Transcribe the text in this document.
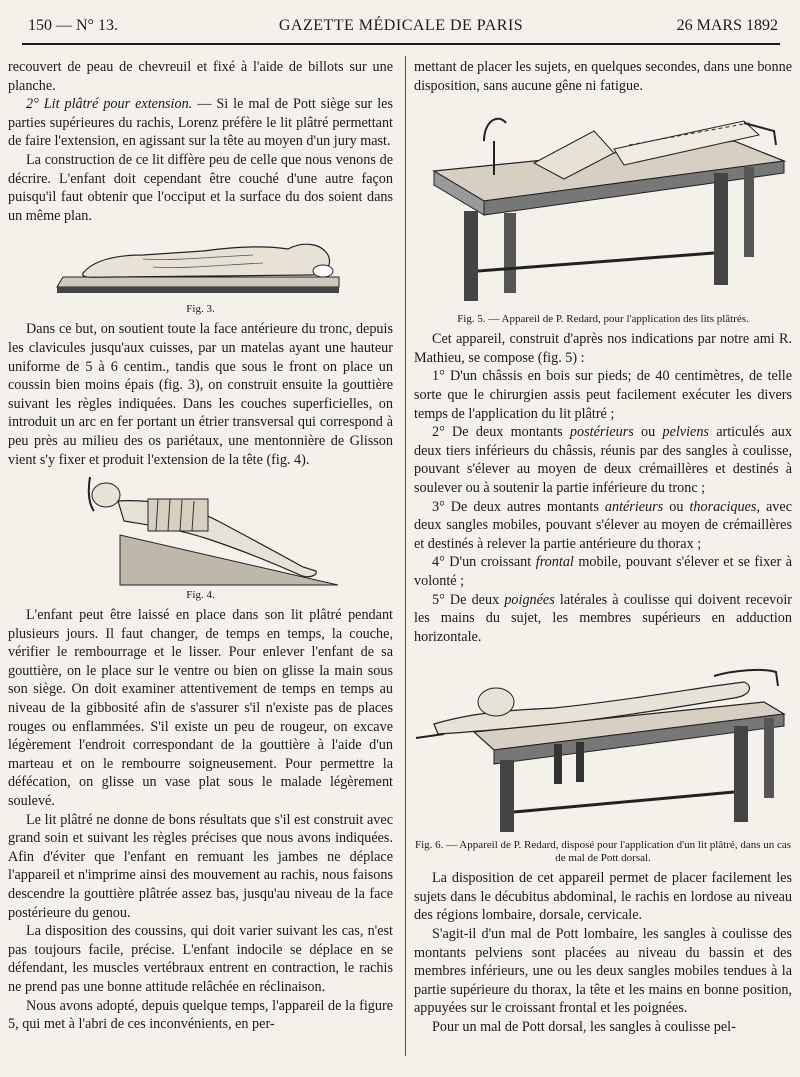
150 — N° 13.	GAZETTE MÉDICALE DE PARIS	26 MARS 1892

recouvert de peau de chevreuil et fixé à l'aide de billots sur une planche.

2° Lit plâtré pour extension. — Si le mal de Pott siège sur les parties supérieures du rachis, Lorenz préfère le lit plâtré permettant de faire l'extension, en agissant sur la tête au moyen d'un jury mast.

La construction de ce lit diffère peu de celle que nous venons de décrire. L'enfant doit cependant être couché d'une autre façon puisqu'il faut obtenir que l'occiput et la surface du dos soient dans un même plan.

Fig. 3.

Dans ce but, on soutient toute la face antérieure du tronc, depuis les clavicules jusqu'aux cuisses, par un matelas ayant une hauteur uniforme de 5 à 6 centim., tandis que sous le front on place un coussin bien moins épais (fig. 3), on construit ensuite la gouttière suivant les règles indiquées. Dans les couches superficielles, on introduit un arc en fer portant un étrier transversal qui correspond à peu près au milieu des os pariétaux, une mentonnière de Glisson vient s'y fixer et produit l'extension de la tête (fig. 4).

Fig. 4.

L'enfant peut être laissé en place dans son lit plâtré pendant plusieurs jours. Il faut changer, de temps en temps, la couche, vérifier le rembourrage et le lisser. Pour enlever l'enfant de sa gouttière, on le place sur le ventre ou bien on glisse la main sous son siège. On doit examiner attentivement de temps en temps au niveau de la gibbosité afin de s'assurer s'il n'existe pas de places rouges ou enflammées. S'il existe un peu de rougeur, on excave légèrement l'endroit correspondant de la gouttière à l'aide d'un marteau et on le rembourre soigneusement. Pour permettre la défécation, on glisse un vase plat sous le malade légèrement soulevé.

Le lit plâtré ne donne de bons résultats que s'il est construit avec grand soin et suivant les règles précises que nous avons indiquées. Afin d'éviter que l'enfant en remuant les jambes ne déplace l'appareil et n'imprime ainsi des mouvement au rachis, nous faisons descendre la gouttière plâtrée assez bas, jusqu'au niveau de la face postérieure du genou.

La disposition des coussins, qui doit varier suivant les cas, n'est pas toujours facile, précise. L'enfant indocile se déplace en se défendant, les muscles vertébraux entrent en contraction, le rachis ne prend pas une bonne attitude relâchée en réclinaison.

Nous avons adopté, depuis quelque temps, l'appareil de la figure 5, qui met à l'abri de ces inconvénients, en per-

mettant de placer les sujets, en quelques secondes, dans une bonne disposition, sans aucune gêne ni fatigue.

Fig. 5. — Appareil de P. Redard, pour l'application des lits plâtrés.

Cet appareil, construit d'après nos indications par notre ami R. Mathieu, se compose (fig. 5) :

1° D'un châssis en bois sur pieds; de 40 centimètres, de telle sorte que le chirurgien assis peut facilement exécuter les divers temps de l'application du lit plâtré ;

2° De deux montants postérieurs ou pelviens articulés aux deux tiers inférieurs du châssis, réunis par des sangles à coulisse, pouvant s'élever au moyen de deux crémaillères et destinés à soulever ou à soutenir la partie inférieure du tronc ;

3° De deux autres montants antérieurs ou thoraciques, avec deux sangles mobiles, pouvant s'élever au moyen de crémaillères et destinés à relever la partie antérieure du thorax ;

4° D'un croissant frontal mobile, pouvant s'élever et se fixer à volonté ;

5° De deux poignées latérales à coulisse qui doivent recevoir les mains du sujet, les membres supérieurs en adduction horizontale.

Fig. 6. — Appareil de P. Redard, disposé pour l'application d'un lit plâtré, dans un cas de mal de Pott dorsal.

La disposition de cet appareil permet de placer facilement les sujets dans le décubitus abdominal, le rachis en lordose au niveau des régions lombaire, dorsale, cervicale.

S'agit-il d'un mal de Pott lombaire, les sangles à coulisse des montants pelviens sont placées au niveau du bassin et des membres inférieurs, une ou les deux sangles mobiles tendues à la partie supérieure du thorax, la tête et les mains en bonne position, appuyées sur le croissant frontal et les poignées.

Pour un mal de Pott dorsal, les sangles à coulisse pel-
